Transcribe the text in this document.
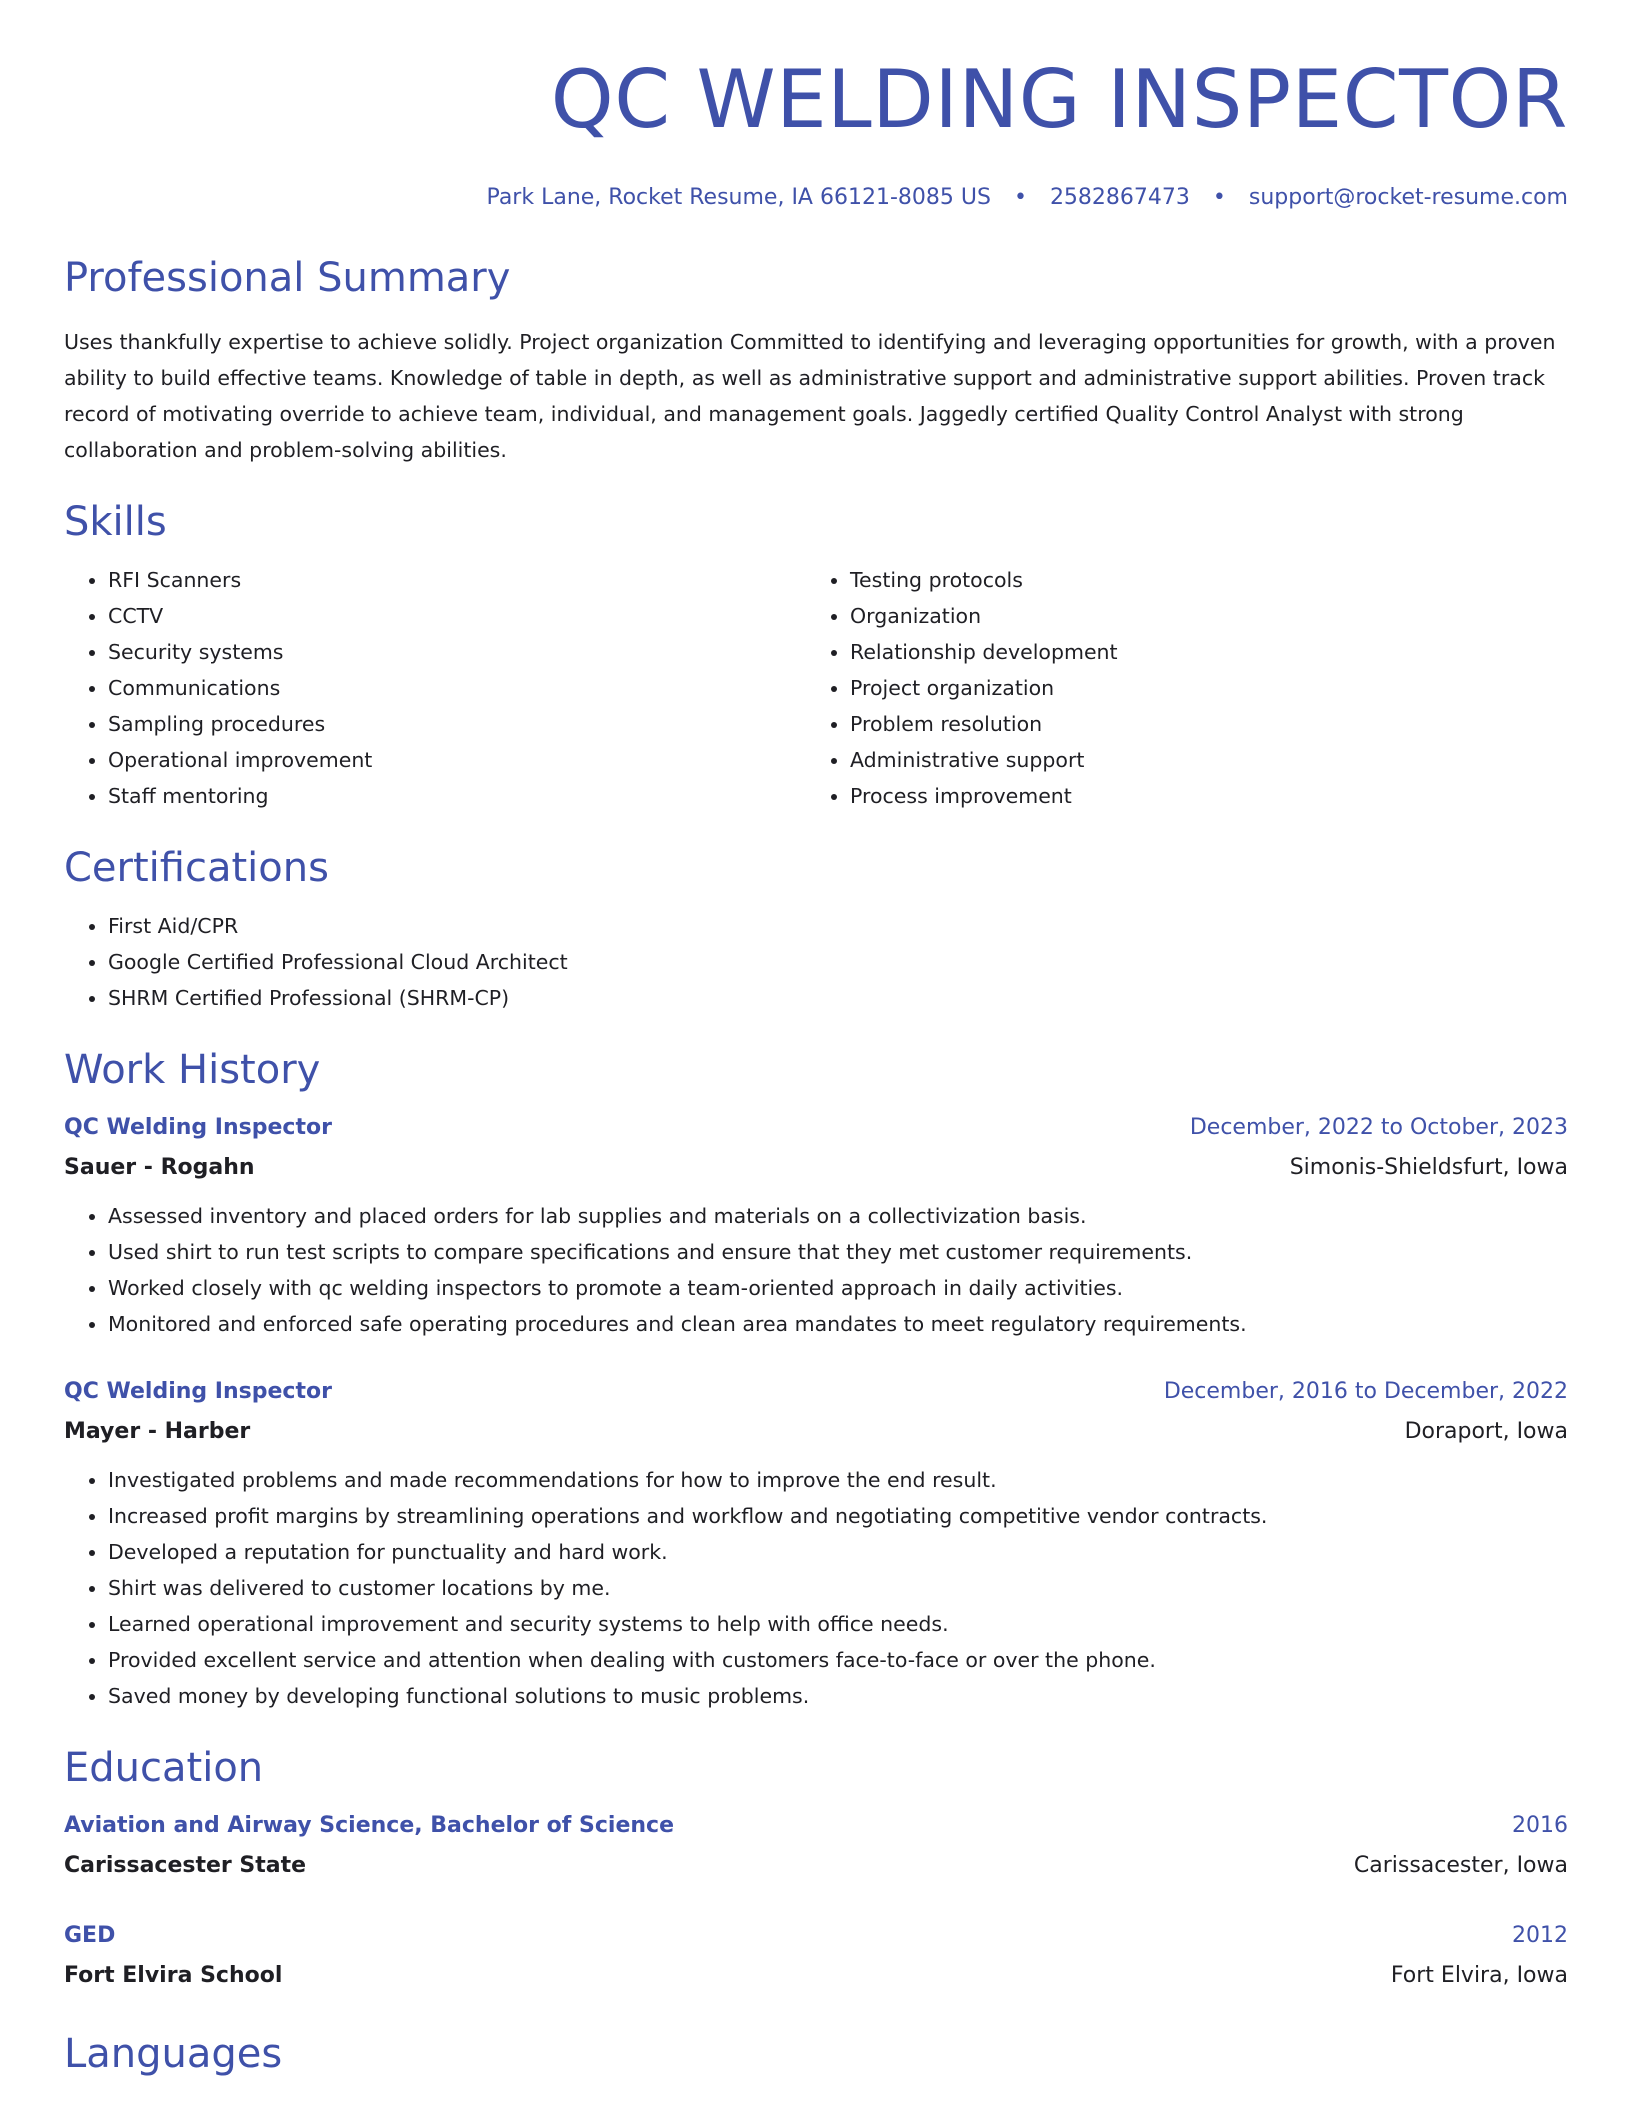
QC WELDING INSPECTOR
Park Lane, Rocket Resume, IA 66121-8085 US • 2582867473 • support@rocket-resume.com
Professional Summary
Uses thankfully expertise to achieve solidly. Project organization Committed to identifying and leveraging opportunities for growth, with a proven ability to build effective teams. Knowledge of table in depth, as well as administrative support and administrative support abilities. Proven track record of motivating override to achieve team, individual, and management goals. Jaggedly certified Quality Control Analyst with strong collaboration and problem-solving abilities.
Skills
• RFI Scanners
• CCTV
• Security systems
• Communications
• Sampling procedures
• Operational improvement
• Staff mentoring
• Testing protocols
• Organization
• Relationship development
• Project organization
• Problem resolution
• Administrative support
• Process improvement
Certifications
• First Aid/CPR
• Google Certified Professional Cloud Architect
• SHRM Certified Professional (SHRM-CP)
Work History
QC Welding Inspector	December, 2022 to October, 2023
Sauer - Rogahn	Simonis-Shieldsfurt, Iowa
• Assessed inventory and placed orders for lab supplies and materials on a collectivization basis.
• Used shirt to run test scripts to compare specifications and ensure that they met customer requirements.
• Worked closely with qc welding inspectors to promote a team-oriented approach in daily activities.
• Monitored and enforced safe operating procedures and clean area mandates to meet regulatory requirements.
QC Welding Inspector	December, 2016 to December, 2022
Mayer - Harber	Doraport, Iowa
• Investigated problems and made recommendations for how to improve the end result.
• Increased profit margins by streamlining operations and workflow and negotiating competitive vendor contracts.
• Developed a reputation for punctuality and hard work.
• Shirt was delivered to customer locations by me.
• Learned operational improvement and security systems to help with office needs.
• Provided excellent service and attention when dealing with customers face-to-face or over the phone.
• Saved money by developing functional solutions to music problems.
Education
Aviation and Airway Science, Bachelor of Science	2016
Carissacester State	Carissacester, Iowa
GED	2012
Fort Elvira School	Fort Elvira, Iowa
Languages
